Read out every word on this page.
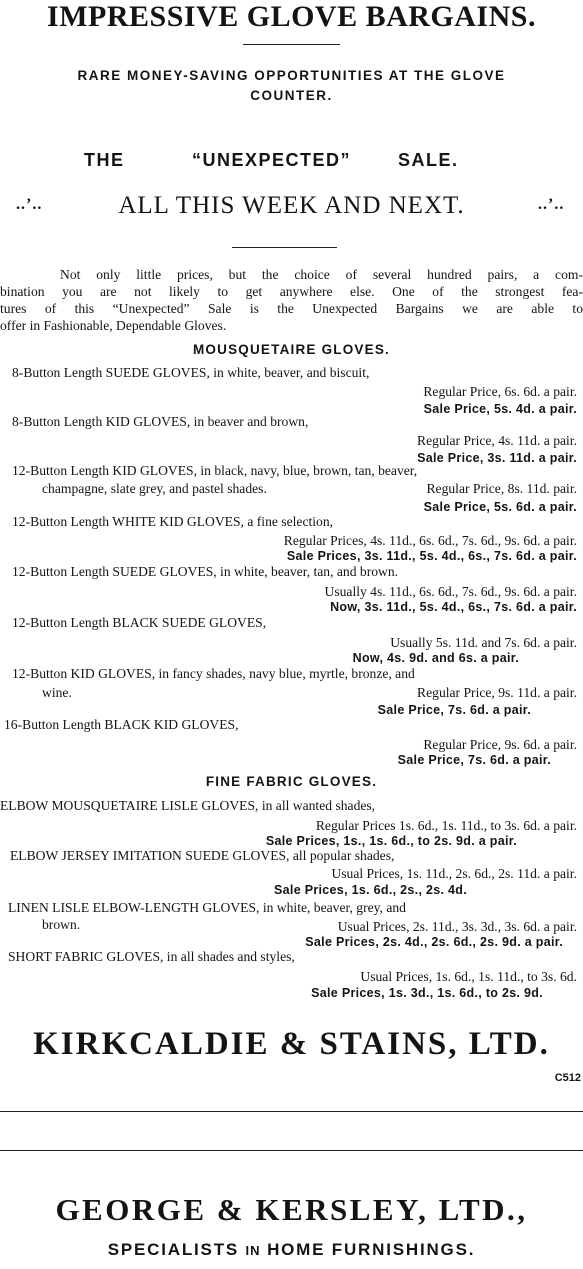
IMPRESSIVE GLOVE BARGAINS.
RARE MONEY-SAVING OPPORTUNITIES AT THE GLOVE COUNTER.
THE	“UNEXPECTED”	SALE.
..’..	ALL THIS WEEK AND NEXT.	..’..
Not only little prices, but the choice of several hundred pairs, a com-
bination you are not likely to get anywhere else. One of the strongest fea-
tures of this “Unexpected” Sale is the Unexpected Bargains we are able to
offer in Fashionable, Dependable Gloves.
MOUSQUETAIRE GLOVES.
8-Button Length SUEDE GLOVES, in white, beaver, and biscuit,
Regular Price, 6s. 6d. a pair.
Sale Price, 5s. 4d. a pair.
8-Button Length KID GLOVES, in beaver and brown,
Regular Price, 4s. 11d. a pair.
Sale Price, 3s. 11d. a pair.
12-Button Length KID GLOVES, in black, navy, blue, brown, tan, beaver,
champagne, slate grey, and pastel shades.	Regular Price, 8s. 11d. pair.
Sale Price, 5s. 6d. a pair.
12-Button Length WHITE KID GLOVES, a fine selection,
Regular Prices, 4s. 11d., 6s. 6d., 7s. 6d., 9s. 6d. a pair.
Sale Prices, 3s. 11d., 5s. 4d., 6s., 7s. 6d. a pair.
12-Button Length SUEDE GLOVES, in white, beaver, tan, and brown.
Usually 4s. 11d., 6s. 6d., 7s. 6d., 9s. 6d. a pair.
Now, 3s. 11d., 5s. 4d., 6s., 7s. 6d. a pair.
12-Button Length BLACK SUEDE GLOVES,
Usually 5s. 11d. and 7s. 6d. a pair.
Now, 4s. 9d. and 6s. a pair.
12-Button KID GLOVES, in fancy shades, navy blue, myrtle, bronze, and
wine.	Regular Price, 9s. 11d. a pair.
Sale Price, 7s. 6d. a pair.
16-Button Length BLACK KID GLOVES,
Regular Price, 9s. 6d. a pair.
Sale Price, 7s. 6d. a pair.
FINE FABRIC GLOVES.
ELBOW MOUSQUETAIRE LISLE GLOVES, in all wanted shades,
Regular Prices 1s. 6d., 1s. 11d., to 3s. 6d. a pair.
Sale Prices, 1s., 1s. 6d., to 2s. 9d. a pair.
ELBOW JERSEY IMITATION SUEDE GLOVES, all popular shades,
Usual Prices, 1s. 11d., 2s. 6d., 2s. 11d. a pair.
Sale Prices, 1s. 6d., 2s., 2s. 4d.
LINEN LISLE ELBOW-LENGTH GLOVES, in white, beaver, grey, and
brown.	Usual Prices, 2s. 11d., 3s. 3d., 3s. 6d. a pair.
Sale Prices, 2s. 4d., 2s. 6d., 2s. 9d. a pair.
SHORT FABRIC GLOVES, in all shades and styles,
Usual Prices, 1s. 6d., 1s. 11d., to 3s. 6d.
Sale Prices, 1s. 3d., 1s. 6d., to 2s. 9d.
KIRKCALDIE & STAINS, LTD.
C512
GEORGE & KERSLEY, LTD.,
SPECIALISTS IN HOME FURNISHINGS.
